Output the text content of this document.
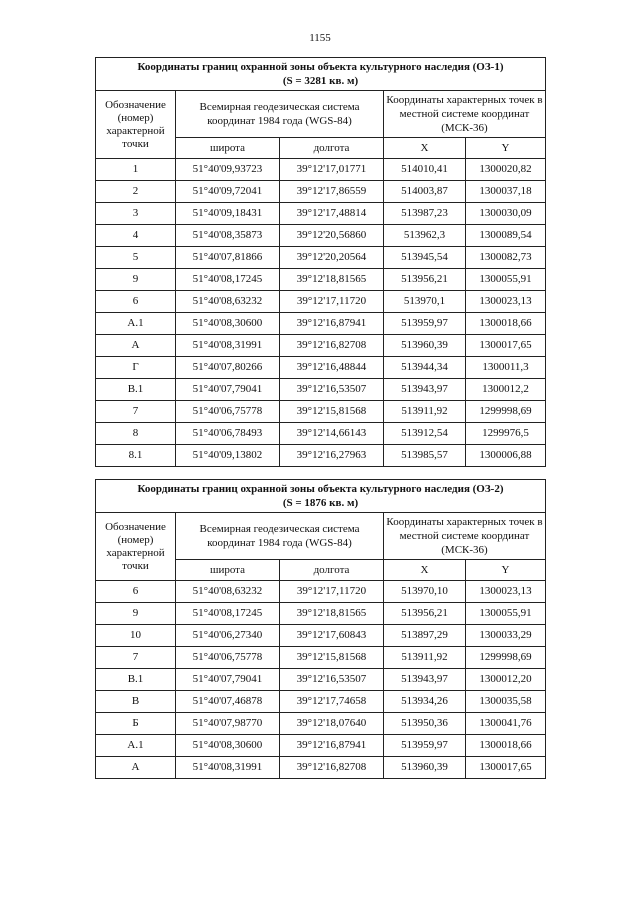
1155
Координаты границ охранной зоны объекта культурного наследия (ОЗ-1)
(S = 3281 кв. м)				

Обозначение (номер) характерной точки	Всемирная геодезическая система координат 1984 года (WGS-84)		Координаты характерных точек в местной системе координат (МСК-36)	
	широта	долгота	X	Y
1	51°40'09,93723	39°12'17,01771	514010,41	1300020,82
2	51°40'09,72041	39°12'17,86559	514003,87	1300037,18
3	51°40'09,18431	39°12'17,48814	513987,23	1300030,09
4	51°40'08,35873	39°12'20,56860	513962,3	1300089,54
5	51°40'07,81866	39°12'20,20564	513945,54	1300082,73
9	51°40'08,17245	39°12'18,81565	513956,21	1300055,91
6	51°40'08,63232	39°12'17,11720	513970,1	1300023,13
А.1	51°40'08,30600	39°12'16,87941	513959,97	1300018,66
А	51°40'08,31991	39°12'16,82708	513960,39	1300017,65
Г	51°40'07,80266	39°12'16,48844	513944,34	1300011,3
В.1	51°40'07,79041	39°12'16,53507	513943,97	1300012,2
7	51°40'06,75778	39°12'15,81568	513911,92	1299998,69
8	51°40'06,78493	39°12'14,66143	513912,54	1299976,5
8.1	51°40'09,13802	39°12'16,27963	513985,57	1300006,88
Координаты границ охранной зоны объекта культурного наследия (ОЗ-2)
(S = 1876 кв. м)				

Обозначение (номер) характерной точки	Всемирная геодезическая система координат 1984 года (WGS-84)		Координаты характерных точек в местной системе координат (МСК-36)	
	широта	долгота	X	Y
6	51°40'08,63232	39°12'17,11720	513970,10	1300023,13
9	51°40'08,17245	39°12'18,81565	513956,21	1300055,91
10	51°40'06,27340	39°12'17,60843	513897,29	1300033,29
7	51°40'06,75778	39°12'15,81568	513911,92	1299998,69
В.1	51°40'07,79041	39°12'16,53507	513943,97	1300012,20
В	51°40'07,46878	39°12'17,74658	513934,26	1300035,58
Б	51°40'07,98770	39°12'18,07640	513950,36	1300041,76
А.1	51°40'08,30600	39°12'16,87941	513959,97	1300018,66
А	51°40'08,31991	39°12'16,82708	513960,39	1300017,65
